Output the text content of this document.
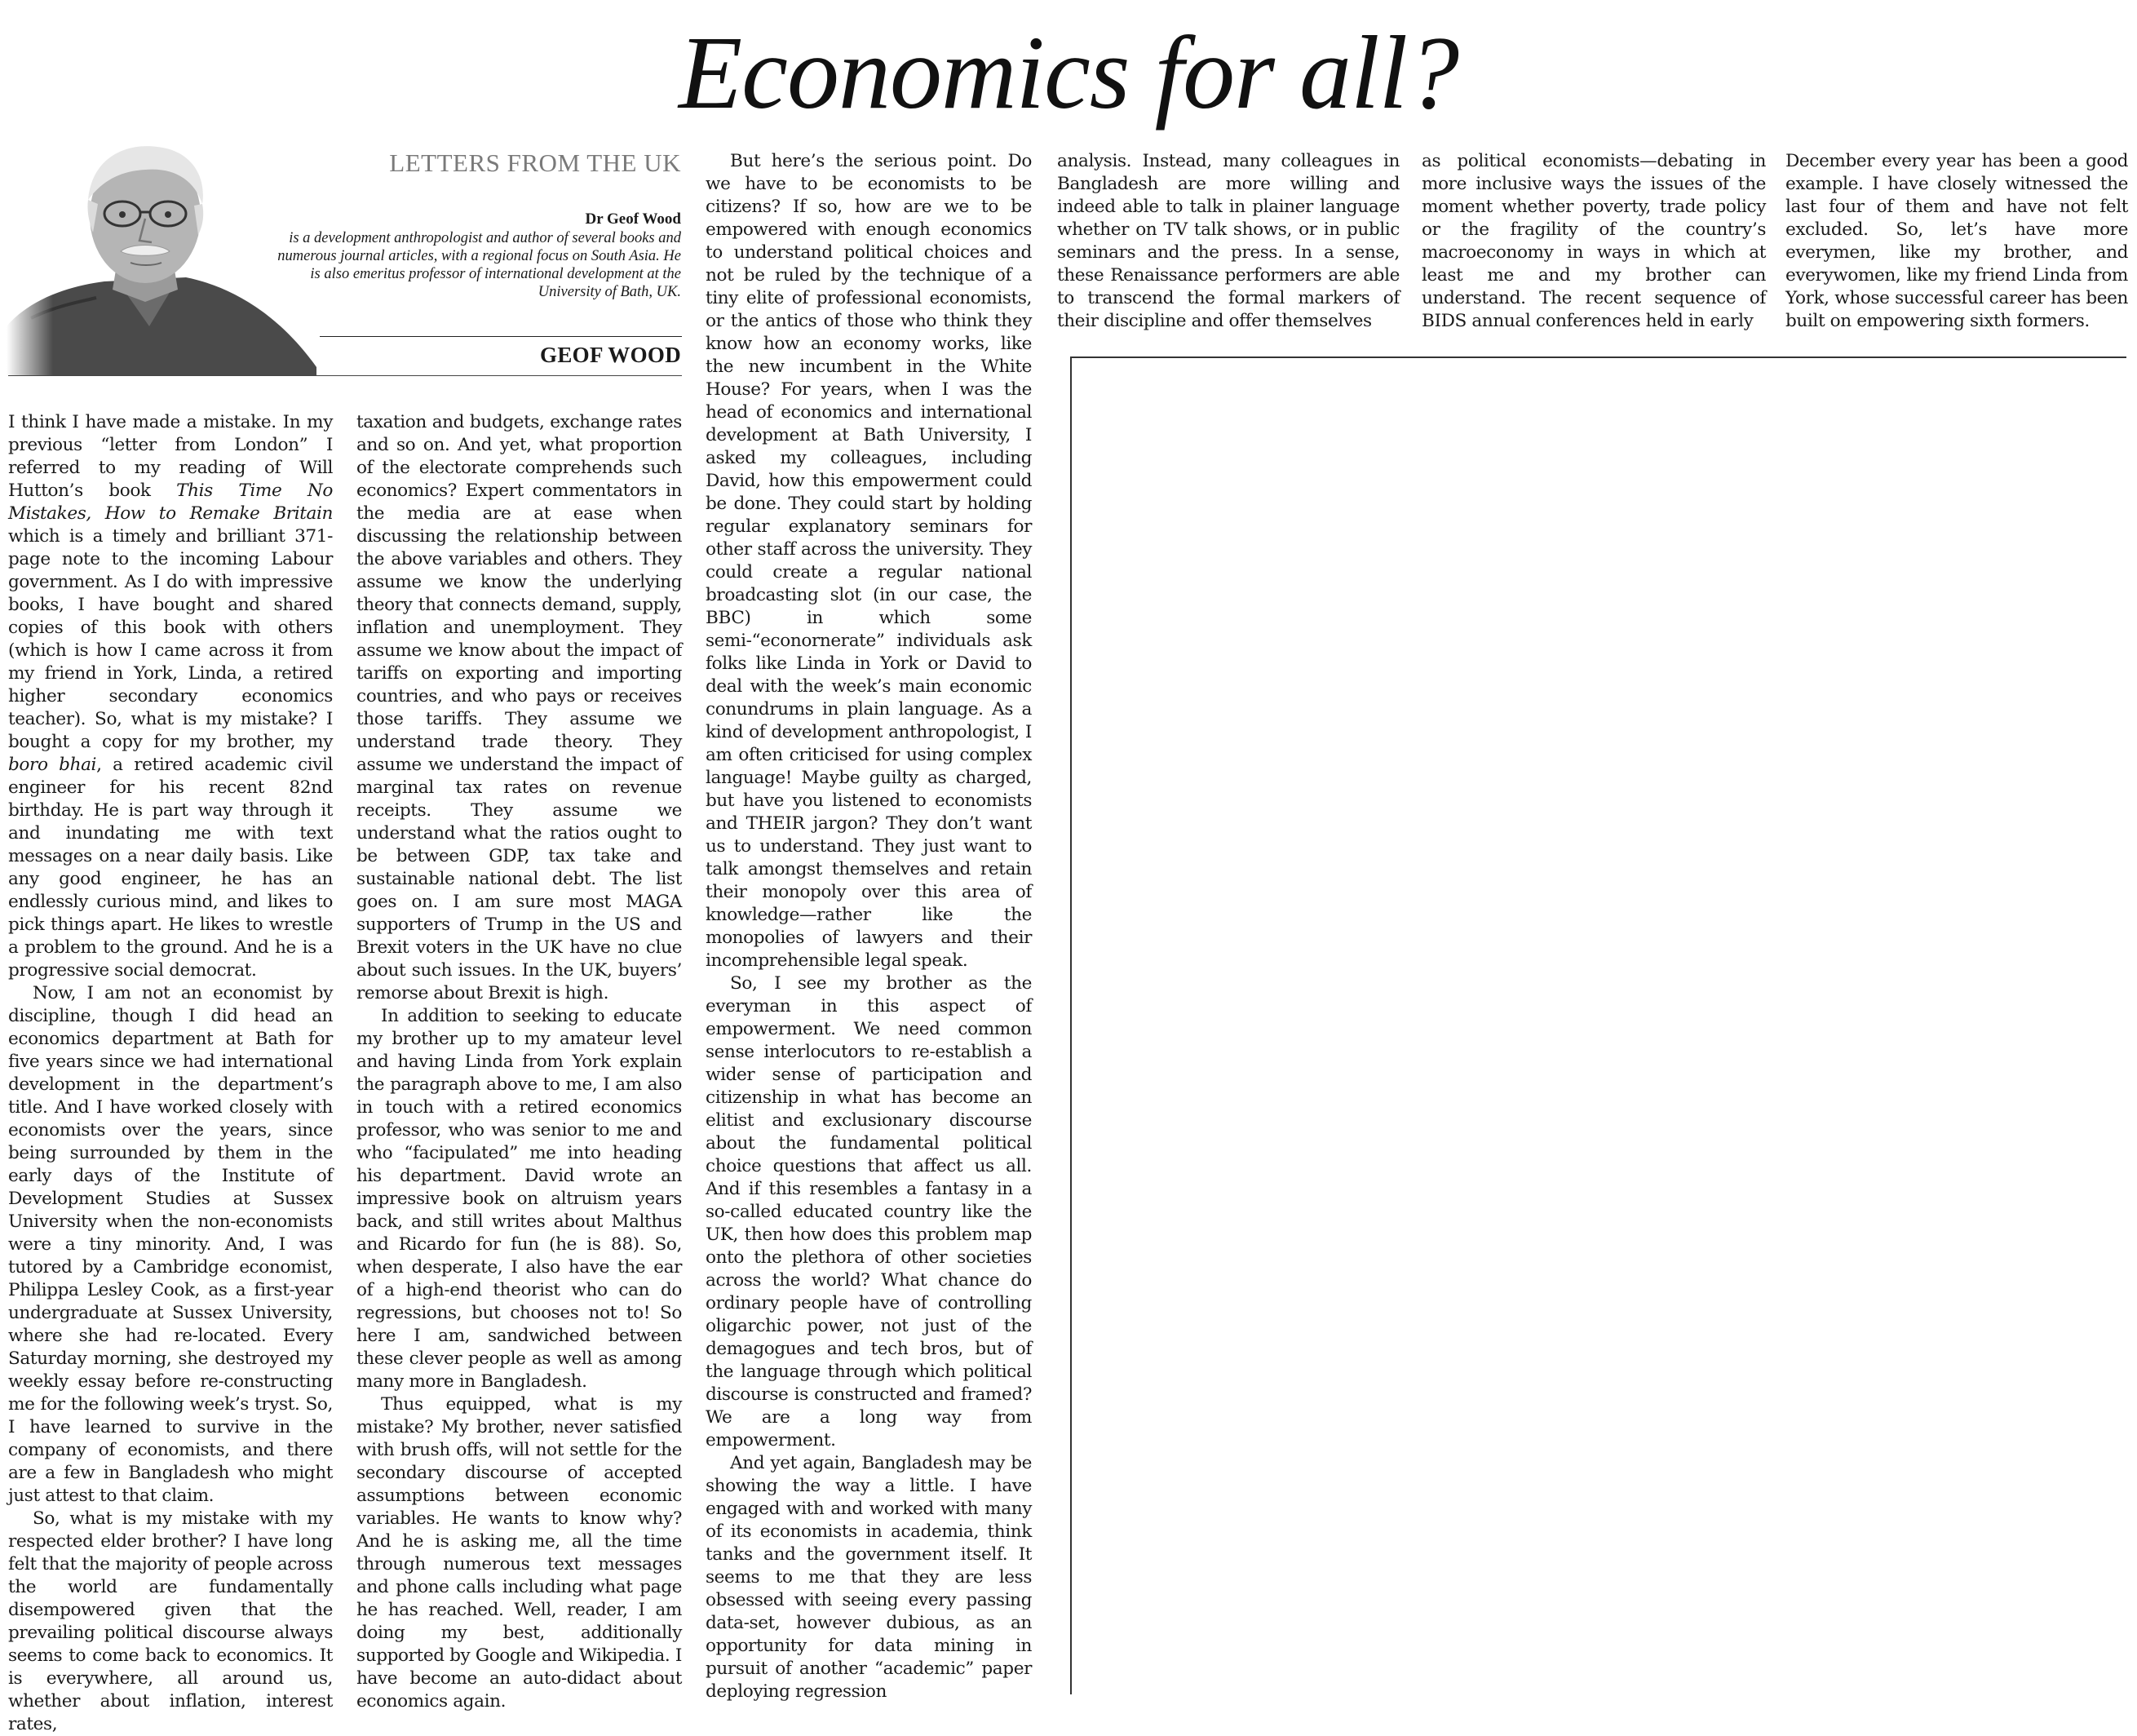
Economics for all?
LETTERS FROM THE UK

Dr Geof Wood

is a development anthropologist and author of several books and numerous journal articles, with a regional focus on South Asia. He is also emeritus professor of international development at the University of Bath, UK.

GEOF WOOD

I think I have made a mistake. In my previous “letter from London” I referred to my reading of Will Hutton’s book This Time No Mistakes, How to Remake Britain which is a timely and brilliant 371-page note to the incoming Labour government. As I do with impressive books, I have bought and shared copies of this book with others (which is how I came across it from my friend in York, Linda, a retired higher secondary economics teacher). So, what is my mistake? I bought a copy for my brother, my boro bhai, a retired academic civil engineer for his recent 82nd birthday. He is part way through it and inundating me with text messages on a near daily basis. Like any good engineer, he has an endlessly curious mind, and likes to pick things apart. He likes to wrestle a problem to the ground. And he is a progressive social democrat.

Now, I am not an economist by discipline, though I did head an economics department at Bath for five years since we had international development in the department’s title. And I have worked closely with economists over the years, since being surrounded by them in the early days of the Institute of Development Studies at Sussex University when the non-economists were a tiny minority. And, I was tutored by a Cambridge economist, Philippa Lesley Cook, as a first-year undergraduate at Sussex University, where she had re-located. Every Saturday morning, she destroyed my weekly essay before re-constructing me for the following week’s tryst. So, I have learned to survive in the company of economists, and there are a few in Bangladesh who might just attest to that claim.

So, what is my mistake with my respected elder brother? I have long felt that the majority of people across the world are fundamentally disempowered given that the prevailing political discourse always seems to come back to economics. It is everywhere, all around us, whether about inflation, interest rates,

taxation and budgets, exchange rates and so on. And yet, what proportion of the electorate comprehends such economics? Expert commentators in the media are at ease when discussing the relationship between the above variables and others. They assume we know the underlying theory that connects demand, supply, inflation and unemployment. They assume we know about the impact of tariffs on exporting and importing countries, and who pays or receives those tariffs. They assume we understand trade theory. They assume we understand the impact of marginal tax rates on revenue receipts. They assume we understand what the ratios ought to be between GDP, tax take and sustainable national debt. The list goes on. I am sure most MAGA supporters of Trump in the US and Brexit voters in the UK have no clue about such issues. In the UK, buyers’ remorse about Brexit is high.

In addition to seeking to educate my brother up to my amateur level and having Linda from York explain the paragraph above to me, I am also in touch with a retired economics professor, who was senior to me and who “facipulated” me into heading his department. David wrote an impressive book on altruism years back, and still writes about Malthus and Ricardo for fun (he is 88). So, when desperate, I also have the ear of a high-end theorist who can do regressions, but chooses not to! So here I am, sandwiched between these clever people as well as among many more in Bangladesh.

Thus equipped, what is my mistake? My brother, never satisfied with brush offs, will not settle for the secondary discourse of accepted assumptions between economic variables. He wants to know why? And he is asking me, all the time through numerous text messages and phone calls including what page he has reached. Well, reader, I am doing my best, additionally supported by Google and Wikipedia. I have become an auto-didact about economics again.

But here’s the serious point. Do we have to be economists to be citizens? If so, how are we to be empowered with enough economics to understand political choices and not be ruled by the technique of a tiny elite of professional economists, or the antics of those who think they know how an economy works, like the new incumbent in the White House? For years, when I was the head of economics and international development at Bath University, I asked my colleagues, including David, how this empowerment could be done. They could start by holding regular explanatory seminars for other staff across the university. They could create a regular national broadcasting slot (in our case, the BBC) in which some semi-“econornerate” individuals ask folks like Linda in York or David to deal with the week’s main economic conundrums in plain language. As a kind of development anthropologist, I am often criticised for using complex language! Maybe guilty as charged, but have you listened to economists and THEIR jargon? They don’t want us to understand. They just want to talk amongst themselves and retain their monopoly over this area of knowledge—rather like the monopolies of lawyers and their incomprehensible legal speak.

So, I see my brother as the everyman in this aspect of empowerment. We need common sense interlocutors to re-establish a wider sense of participation and citizenship in what has become an elitist and exclusionary discourse about the fundamental political choice questions that affect us all. And if this resembles a fantasy in a so-called educated country like the UK, then how does this problem map onto the plethora of other societies across the world? What chance do ordinary people have of controlling oligarchic power, not just of the demagogues and tech bros, but of the language through which political discourse is constructed and framed? We are a long way from empowerment.

And yet again, Bangladesh may be showing the way a little. I have engaged with and worked with many of its economists in academia, think tanks and the government itself. It seems to me that they are less obsessed with seeing every passing data-set, however dubious, as an opportunity for data mining in pursuit of another “academic” paper deploying regression

analysis. Instead, many colleagues in Bangladesh are more willing and indeed able to talk in plainer language whether on TV talk shows, or in public seminars and the press. In a sense, these Renaissance performers are able to transcend the formal markers of their discipline and offer themselves

as political economists—debating in more inclusive ways the issues of the moment whether poverty, trade policy or the fragility of the country’s macroeconomy in ways in which at least me and my brother can understand. The recent sequence of BIDS annual conferences held in early

December every year has been a good example. I have closely witnessed the last four of them and have not felt excluded. So, let’s have more everymen, like my brother, and everywomen, like my friend Linda from York, whose successful career has been built on empowering sixth formers.
